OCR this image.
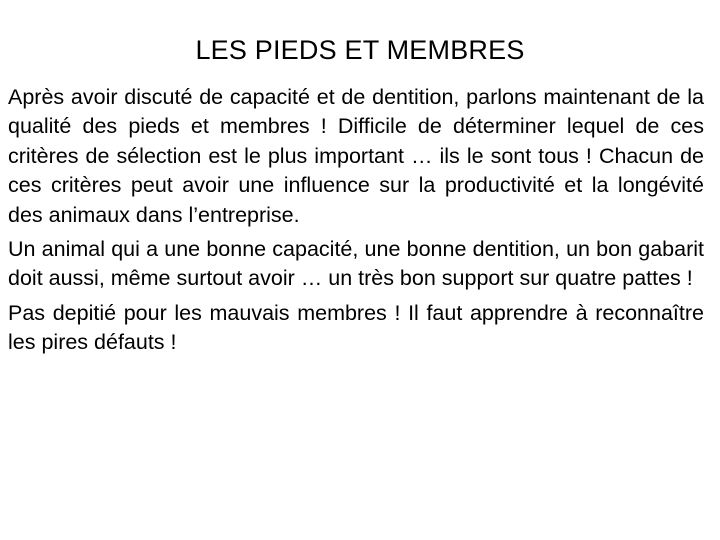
LES PIEDS ET MEMBRES

Après avoir discuté de capacité et de dentition, parlons maintenant de la qualité des pieds et membres ! Difficile de déterminer lequel de ces critères de sélection est le plus important … ils le sont tous ! Chacun de ces critères peut avoir une influence sur la productivité et la longévité des animaux dans l’entreprise.

Un animal qui a une bonne capacité, une bonne dentition, un bon gabarit doit aussi, même surtout avoir … un très bon support sur quatre pattes !

Pas depitié pour les mauvais membres ! Il faut apprendre à reconnaître les pires défauts !
